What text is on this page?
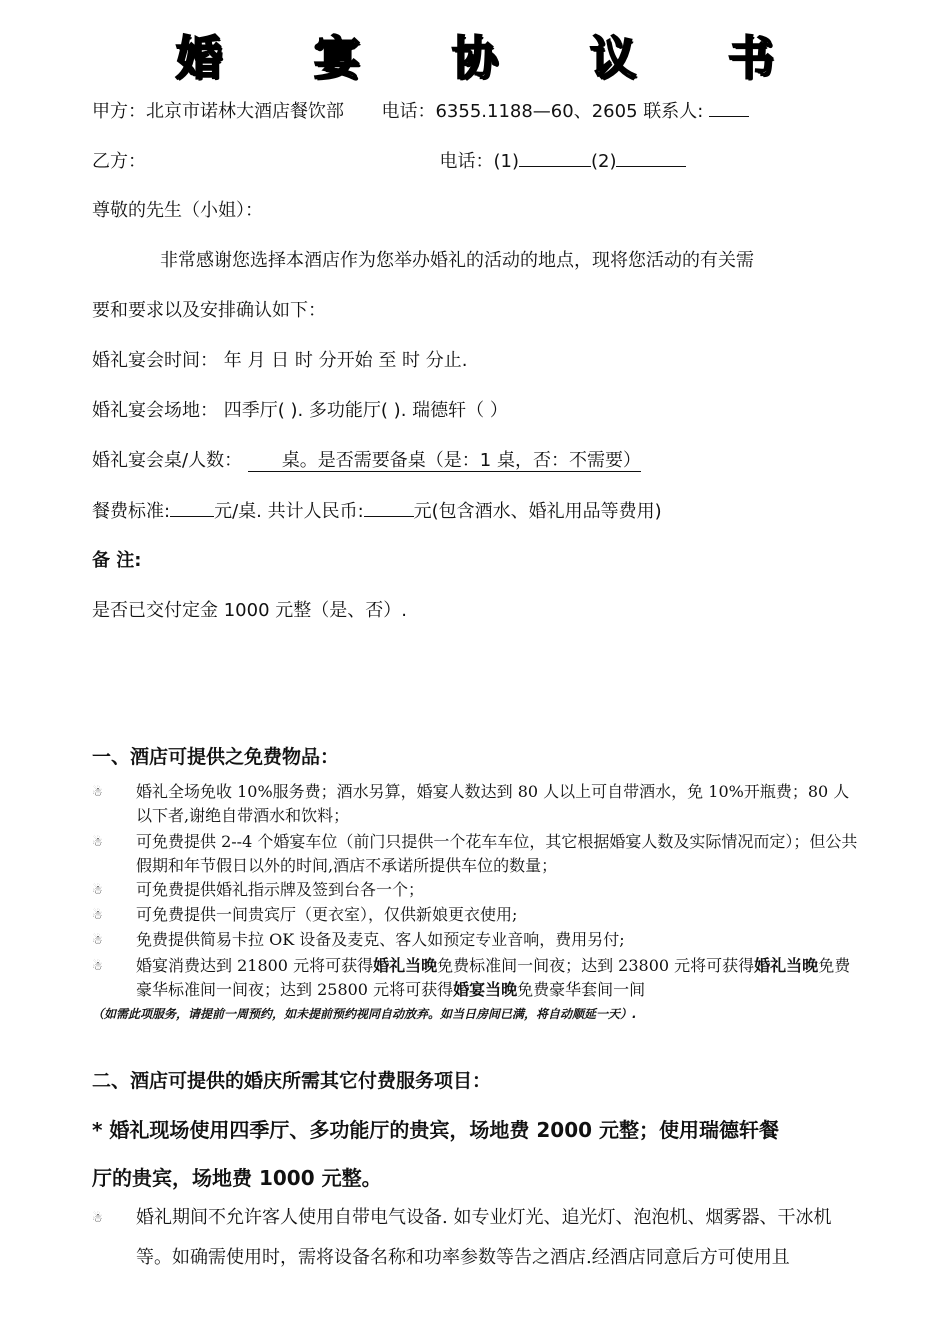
婚 宴 协 议 书
甲方：北京市诺林大酒店餐饮部 电话：6355.1188—60、2605 联系人:
乙方：	电话：(1)	(2)
尊敬的先生（小姐）：
非常感谢您选择本酒店作为您举办婚礼的活动的地点，现将您活动的有关需
要和要求以及安排确认如下：
婚礼宴会时间： 年 月 日 时 分开始 至 时 分止.
婚礼宴会场地： 四季厅( ). 多功能厅( ). 瑞德轩（ ）
婚礼宴会桌/人数： 桌。是否需要备桌（是：1 桌，否：不需要）
餐费标准: 元/桌. 共计人民币:	元(包含酒水、婚礼用品等费用)
备 注:
是否已交付定金 1000 元整（是、否）.
一、酒店可提供之免费物品：
☃	婚礼全场免收 10%服务费；酒水另算，婚宴人数达到 80 人以上可自带酒水，免 10%开瓶费；80 人以下者,谢绝自带酒水和饮料；
☃	可免费提供 2--4 个婚宴车位（前门只提供一个花车车位，其它根据婚宴人数及实际情况而定）；但公共假期和年节假日以外的时间,酒店不承诺所提供车位的数量；
☃	可免费提供婚礼指示牌及签到台各一个；
☃	可免费提供一间贵宾厅（更衣室），仅供新娘更衣使用;
☃	免费提供简易卡拉 OK 设备及麦克、客人如预定专业音响，费用另付;
☃	婚宴消费达到 21800 元将可获得婚礼当晚免费标准间一间夜；达到 23800 元将可获得婚礼当晚免费豪华标准间一间夜；达到 25800 元将可获得婚宴当晚免费豪华套间一间
（如需此项服务，请提前一周预约，如未提前预约视同自动放弃。如当日房间已满，将自动顺延一天）.
二、酒店可提供的婚庆所需其它付费服务项目：
* 婚礼现场使用四季厅、多功能厅的贵宾，场地费 2000 元整；使用瑞德轩餐
厅的贵宾，场地费 1000 元整。
☃ 婚礼期间不允许客人使用自带电气设备. 如专业灯光、追光灯、泡泡机、烟雾器、干冰机等。如确需使用时，需将设备名称和功率参数等告之酒店.经酒店同意后方可使用且
